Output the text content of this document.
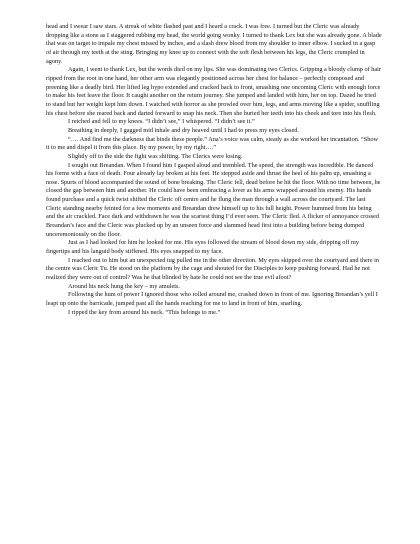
head and I swear I saw stars. A streak of white flashed past and I heard a crack. I was free. I turned but the Cleric was already dropping like a stone as I staggered rubbing my head, the world going wonky. I turned to thank Lex but she was already gone. A blade that was on target to impale my chest missed by inches, and a slash drew blood from my shoulder to inner elbow. I sucked in a gasp of air through my teeth at the sting. Bringing my knee up to connect with the soft flesh between his legs, the Cleric crumpled in agony.

Again, I went to thank Lex, but the words died on my lips. She was dominating two Clerics. Gripping a bloody clump of hair ripped from the root in one hand, her other arm was elegantly positioned across her chest for balance – perfectly composed and preening like a deadly bird. Her lifted leg hypo extended and cracked back to front, smashing one oncoming Cleric with enough force to make his feet leave the floor. It caught another on the return journey. She jumped and landed with him, her on top. Dazed he tried to stand but her weight kept him down. I watched with horror as she prowled over him, legs, and arms moving like a spider, snuffling his chest before she reared back and darted forward to snap his neck. Then she buried her teeth into his cheek and tore into his flesh.

I retched and fell to my knees. “I didn’t see,” I whispered. “I didn’t see it.”

Breathing in deeply, I gagged mid inhale and dry heaved until I had to press my eyes closed.

“…. And find me the darkness that binds these people.” Ana’s voice was calm, steady as she worked her incantation. “Show it to me and dispel it from this place. By my power, by my right….”

Slightly off to the side the fight was shifting. The Clerics were losing.

I sought out Breandan. When I found him I gasped aloud and trembled. The speed, the strength was incredible. He danced his forms with a face of death. Four already lay broken at his feet. He stepped aside and thrust the heel of his palm up, smashing a nose. Spurts of blood accompanied the sound of bone breaking. The Cleric fell, dead before he hit the floor. With no time between, he closed the gap between him and another. He could have been embracing a lover as his arms wrapped around his enemy. His hands found purchase and a quick twist shifted the Cleric off centre and he flung the man through a wall across the courtyard. The last Cleric standing nearby feinted for a few moments and Breandan drew himself up to his full height. Power hummed from his being and the air crackled. Face dark and withdrawn he was the scariest thing I’d ever seen. The Cleric fled. A flicker of annoyance crossed Breandan’s face and the Cleric was plucked up by an unseen force and slammed head first into a building before being dumped unceremoniously on the floor.

Just as I had looked for him he looked for me. His eyes followed the stream of blood down my side, dripping off my fingertips and his languid body stiffened. His eyes snapped to my face.

I reached out to him but an unexpected tug pulled me in the other direction. My eyes skipped over the courtyard and there in the centre was Cleric Tu. He stood on the platform by the cage and shouted for the Disciples to keep pushing forward. Had he not realized they were out of control? Was he that blinded by hate he could not see the true evil afoot?

Around his neck hung the key – my amulets.

Following the hum of power I ignored those who rolled around me, crashed down in front of me. Ignoring Breandan’s yell I leapt up onto the barricade, jumped past all the hands reaching for me to land in front of him, snarling.

I ripped the key from around his neck. “This belongs to me.”
